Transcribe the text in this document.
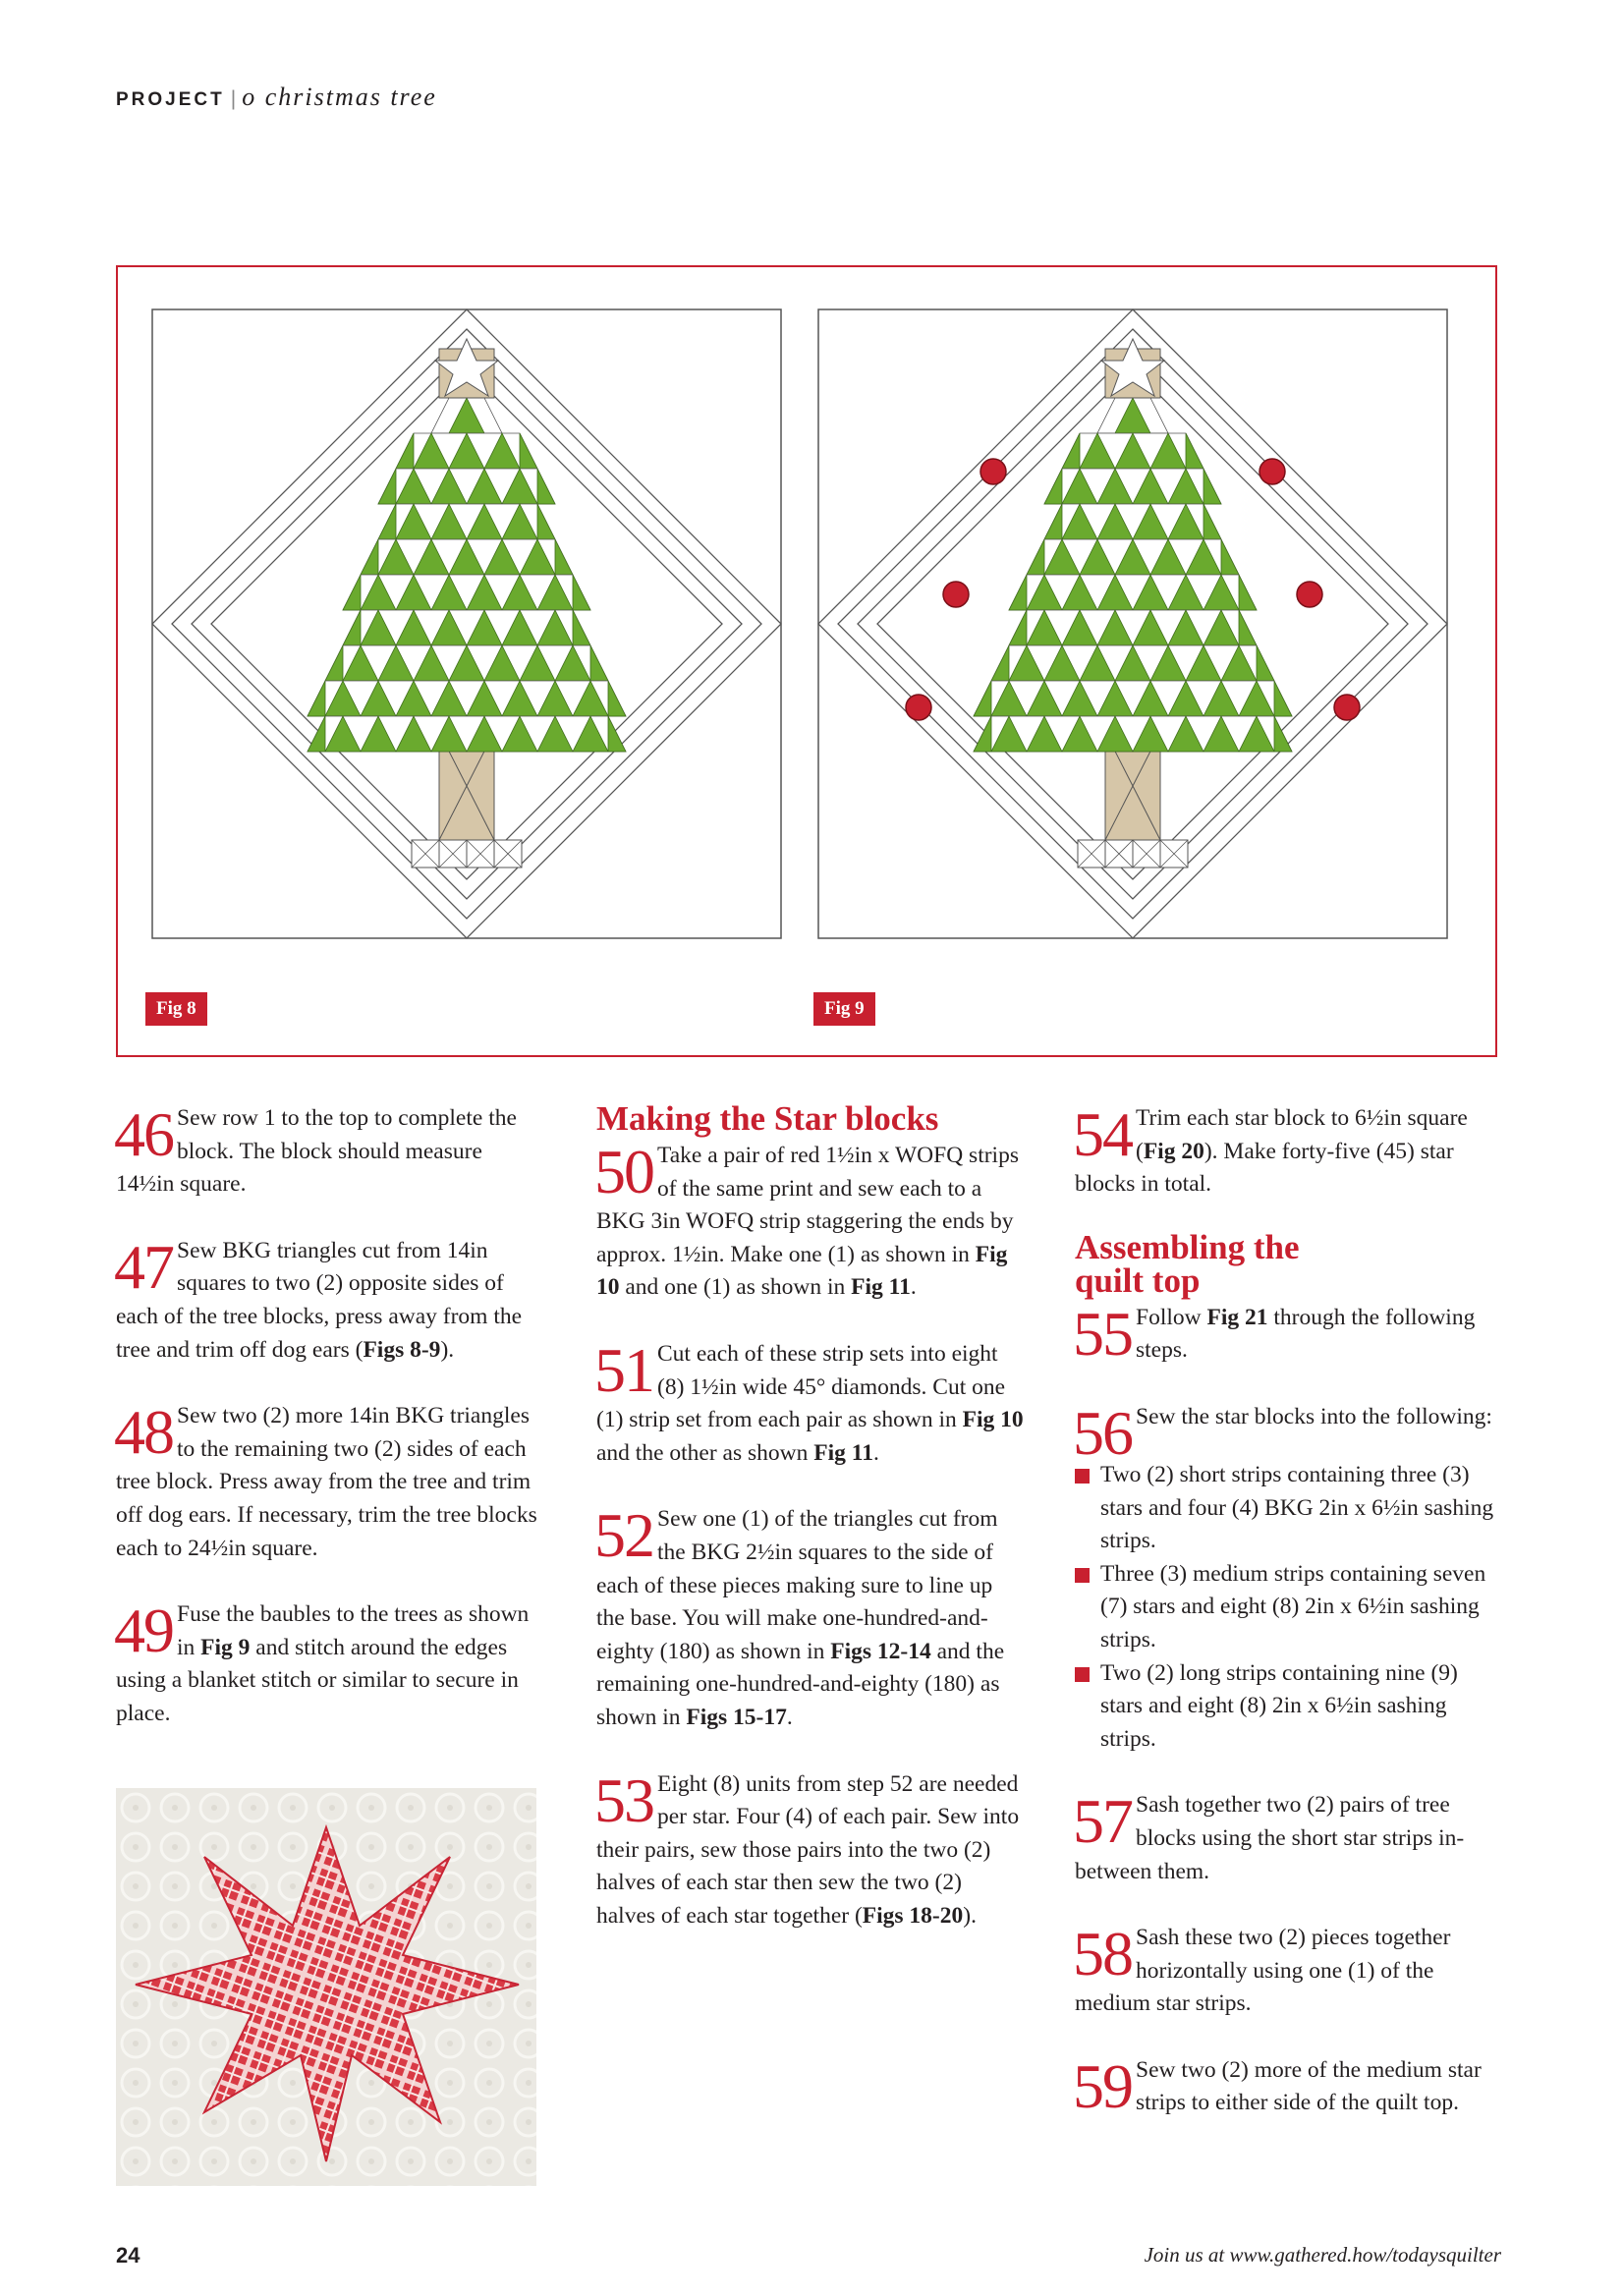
PROJECT | o christmas tree
Fig 8	Fig 9
46 Sew row 1 to the top to complete the block. The block should measure 14½in square.

47 Sew BKG triangles cut from 14in squares to two (2) opposite sides of each of the tree blocks, press away from the tree and trim off dog ears (Figs 8-9).

48 Sew two (2) more 14in BKG triangles to the remaining two (2) sides of each tree block. Press away from the tree and trim off dog ears. If necessary, trim the tree blocks each to 24½in square.

49 Fuse the baubles to the trees as shown in Fig 9 and stitch around the edges using a blanket stitch or similar to secure in place.

Making the Star blocks
50 Take a pair of red 1½in x WOFQ strips of the same print and sew each to a BKG 3in WOFQ strip staggering the ends by approx. 1½in. Make one (1) as shown in Fig 10 and one (1) as shown in Fig 11.

51 Cut each of these strip sets into eight (8) 1½in wide 45° diamonds. Cut one (1) strip set from each pair as shown in Fig 10 and the other as shown Fig 11.

52 Sew one (1) of the triangles cut from the BKG 2½in squares to the side of each of these pieces making sure to line up the base. You will make one-hundred-and-eighty (180) as shown in Figs 12-14 and the remaining one-hundred-and-eighty (180) as shown in Figs 15-17.

53 Eight (8) units from step 52 are needed per star. Four (4) of each pair. Sew into their pairs, sew those pairs into the two (2) halves of each star then sew the two (2) halves of each star together (Figs 18-20).

54 Trim each star block to 6½in square (Fig 20). Make forty-five (45) star blocks in total.

Assembling the
quilt top
55 Follow Fig 21 through the following steps.

56 Sew the star blocks into the following:

Two (2) short strips containing three (3) stars and four (4) BKG 2in x 6½in sashing strips.
Three (3) medium strips containing seven (7) stars and eight (8) 2in x 6½in sashing strips.
Two (2) long strips containing nine (9) stars and eight (8) 2in x 6½in sashing strips.
57 Sash together two (2) pairs of tree blocks using the short star strips in-between them.

58 Sash these two (2) pieces together horizontally using one (1) of the medium star strips.

59 Sew two (2) more of the medium star strips to either side of the quilt top.

24	Join us at www.gathered.how/todaysquilter
